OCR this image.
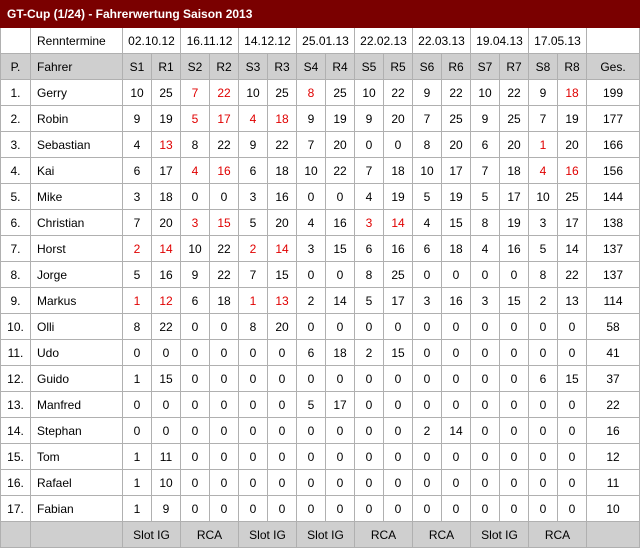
GT-Cup (1/24) - Fahrerwertung Saison 2013																		
	Renntermine	02.10.12		16.11.12		14.12.12		25.01.13		22.02.13		22.03.13		19.04.13		17.05.13		
P.	Fahrer	S1	R1	S2	R2	S3	R3	S4	R4	S5	R5	S6	R6	S7	R7	S8	R8	Ges.
1.	Gerry	10	25	7	22	10	25	8	25	10	22	9	22	10	22	9	18	199
2.	Robin	9	19	5	17	4	18	9	19	9	20	7	25	9	25	7	19	177
3.	Sebastian	4	13	8	22	9	22	7	20	0	0	8	20	6	20	1	20	166
4.	Kai	6	17	4	16	6	18	10	22	7	18	10	17	7	18	4	16	156
5.	Mike	3	18	0	0	3	16	0	0	4	19	5	19	5	17	10	25	144
6.	Christian	7	20	3	15	5	20	4	16	3	14	4	15	8	19	3	17	138
7.	Horst	2	14	10	22	2	14	3	15	6	16	6	18	4	16	5	14	137
8.	Jorge	5	16	9	22	7	15	0	0	8	25	0	0	0	0	8	22	137
9.	Markus	1	12	6	18	1	13	2	14	5	17	3	16	3	15	2	13	114
10.	Olli	8	22	0	0	8	20	0	0	0	0	0	0	0	0	0	0	58
11.	Udo	0	0	0	0	0	0	6	18	2	15	0	0	0	0	0	0	41
12.	Guido	1	15	0	0	0	0	0	0	0	0	0	0	0	0	6	15	37
13.	Manfred	0	0	0	0	0	0	5	17	0	0	0	0	0	0	0	0	22
14.	Stephan	0	0	0	0	0	0	0	0	0	0	2	14	0	0	0	0	16
15.	Tom	1	11	0	0	0	0	0	0	0	0	0	0	0	0	0	0	12
16.	Rafael	1	10	0	0	0	0	0	0	0	0	0	0	0	0	0	0	11
17.	Fabian	1	9	0	0	0	0	0	0	0	0	0	0	0	0	0	0	10
		Slot IG		RCA		Slot IG		Slot IG		RCA		RCA		Slot IG		RCA		
